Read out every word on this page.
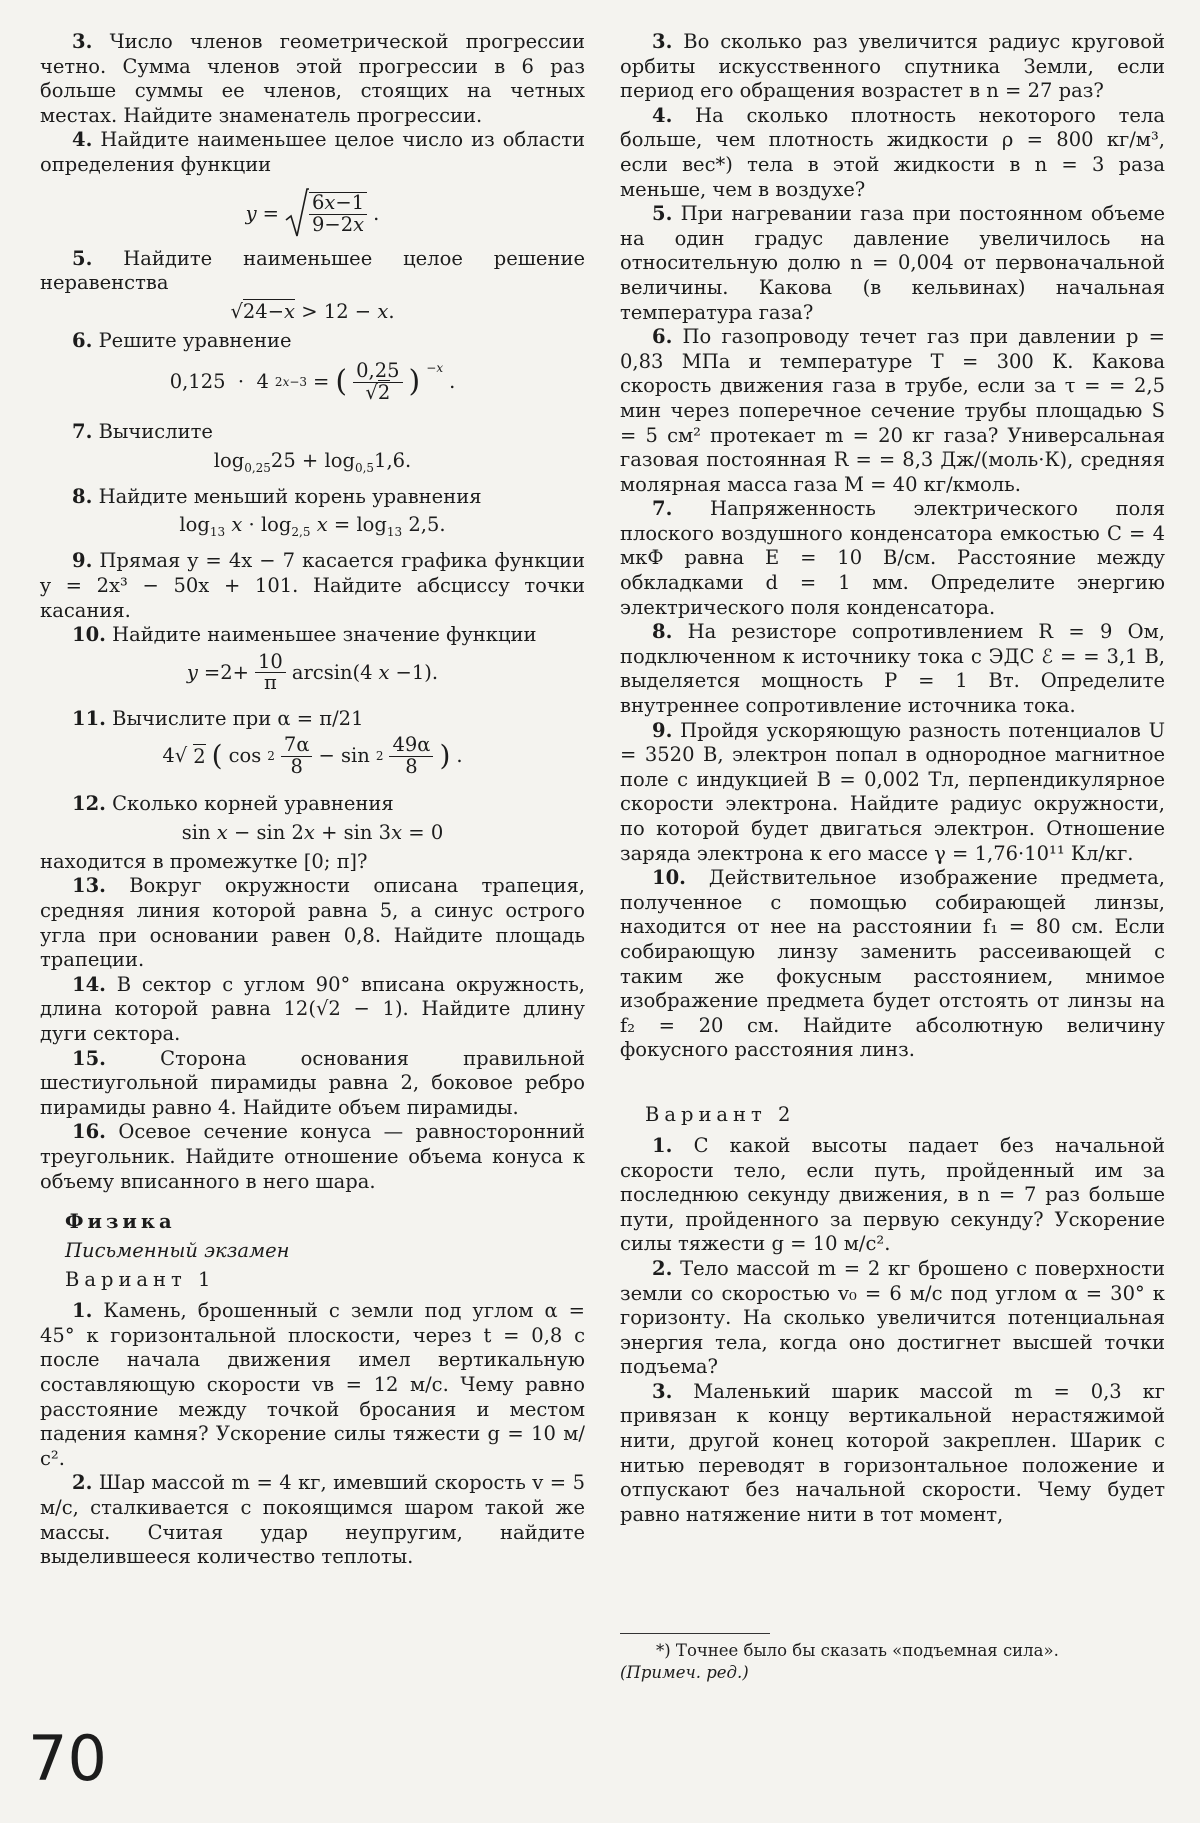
3. Число членов геометрической прогрессии четно. Сумма членов этой прогрессии в 6 раз больше суммы ее членов, стоящих на четных местах. Найдите знаменатель прогрессии.

4. Найдите наименьшее целое число из области определения функции

$y = \frac{6x-1}{9-2x}$ .

5. Найдите наименьшее целое решение неравенства

√24−x > 12 − x.

6. Решите уравнение

0,125  ·  4 2x−3 = ( $\frac{0,25}{√2}$ ) $^{-x}$
.

7. Вычислите

$\log_{0,25}25 + \log_{0,5}1,6$.

8. Найдите меньший корень уравнения

$\log_{13} x \cdot \log_{2,5} x = \log_{13} 2,5$.

9. Прямая y = 4x − 7 касается графика функции y = 2x³ − 50x + 101. Найдите абсциссу точки касания.

10. Найдите наименьшее значение функции

$y =2+ \frac{10}{\pi} \arcsin(4$ x −1).

11. Вычислите при α = π/21

4√ 2 ( $\cos 2 \frac{7\alpha}{8} - \sin 2 \frac{49\alpha}{8}$ ) .

12. Сколько корней уравнения

sin x − sin 2x + sin 3x = 0

находится в промежутке [0; π]?

13. Вокруг окружности описана трапеция, средняя линия которой равна 5, а синус острого угла при основании равен 0,8. Найдите площадь трапеции.

14. В сектор с углом 90° вписана окружность, длина которой равна 12(√2 − 1). Найдите длину дуги сектора.

15.	Сторона основания правильной шестиугольной пирамиды равна 2, боковое ребро пирамиды равно 4. Найдите объем пирамиды.

16. Осевое сечение конуса — равносторонний треугольник. Найдите отношение объема конуса к объему вписанного в него шара.

Физика
Письменный экзамен
Вариант 1

1. Камень, брошенный с земли под углом α = 45° к горизонтальной плоскости, через t = 0,8 с после начала движения имел вертикальную составляющую скорости vв = 12 м/с. Чему равно расстояние между точкой бросания и местом падения камня? Ускорение силы тяжести g = 10 м/с².

2. Шар массой m = 4 кг, имевший скорость v = 5 м/с, сталкивается с покоящимся шаром такой же массы. Считая удар неупругим, найдите выделившееся количество теплоты.

3. Во сколько раз увеличится радиус круговой орбиты искусственного спутника Земли, если период его обращения возрастет в n = 27 раз?

4. На сколько плотность некоторого тела больше, чем плотность жидкости ρ = 800 кг/м³, если вес*) тела в этой жидкости в n = 3 раза меньше, чем в воздухе?

5. При нагревании газа при постоянном объеме на один градус давление увеличилось на относительную долю n = 0,004 от первоначальной величины. Какова (в кельвинах) начальная температура газа?

6. По газопроводу течет газ при давлении p = 0,83 МПа и температуре T = 300 К. Какова скорость движения газа в трубе, если за τ = = 2,5 мин через поперечное сечение трубы площадью S = 5 см² протекает m = 20 кг газа? Универсальная газовая постоянная R = = 8,3 Дж/(моль·К), средняя молярная масса газа M = 40 кг/кмоль.

7. Напряженность электрического поля плоского воздушного конденсатора емкостью C = 4 мкФ равна E = 10 В/см. Расстояние между обкладками d = 1 мм. Определите энергию электрического поля конденсатора.

8. На резисторе сопротивлением R = 9 Ом, подключенном к источнику тока с ЭДС ℰ = = 3,1 В, выделяется мощность P = 1 Вт. Определите внутреннее сопротивление источника тока.

9. Пройдя ускоряющую разность потенциалов U = 3520 В, электрон попал в однородное магнитное поле с индукцией B = 0,002 Тл, перпендикулярное скорости электрона. Найдите радиус окружности, по которой будет двигаться электрон. Отношение заряда электрона к его массе γ = 1,76·10¹¹ Кл/кг.

10. Действительное изображение предмета, полученное с помощью собирающей линзы, находится от нее на расстоянии f₁ = 80 см. Если собирающую линзу заменить рассеивающей с таким же фокусным расстоянием, мнимое изображение предмета будет отстоять от линзы на f₂ = 20 см. Найдите абсолютную величину фокусного расстояния линз.

Вариант 2

1. С какой высоты падает без начальной скорости тело, если путь, пройденный им за последнюю секунду движения, в n = 7 раз больше пути, пройденного за первую секунду? Ускорение силы тяжести g = 10 м/с².

2. Тело массой m = 2 кг брошено с поверхности земли со скоростью v₀ = 6 м/с под углом α = 30° к горизонту. На сколько увеличится потенциальная энергия тела, когда оно достигнет высшей точки подъема?

3. Маленький шарик массой m = 0,3 кг привязан к концу вертикальной нерастяжимой нити, другой конец которой закреплен. Шарик с нитью переводят в горизонтальное положение и отпускают без начальной скорости. Чему будет равно натяжение нити в тот момент,

*) Точнее было бы сказать «подъемная сила».
(Примеч. ред.)
70
